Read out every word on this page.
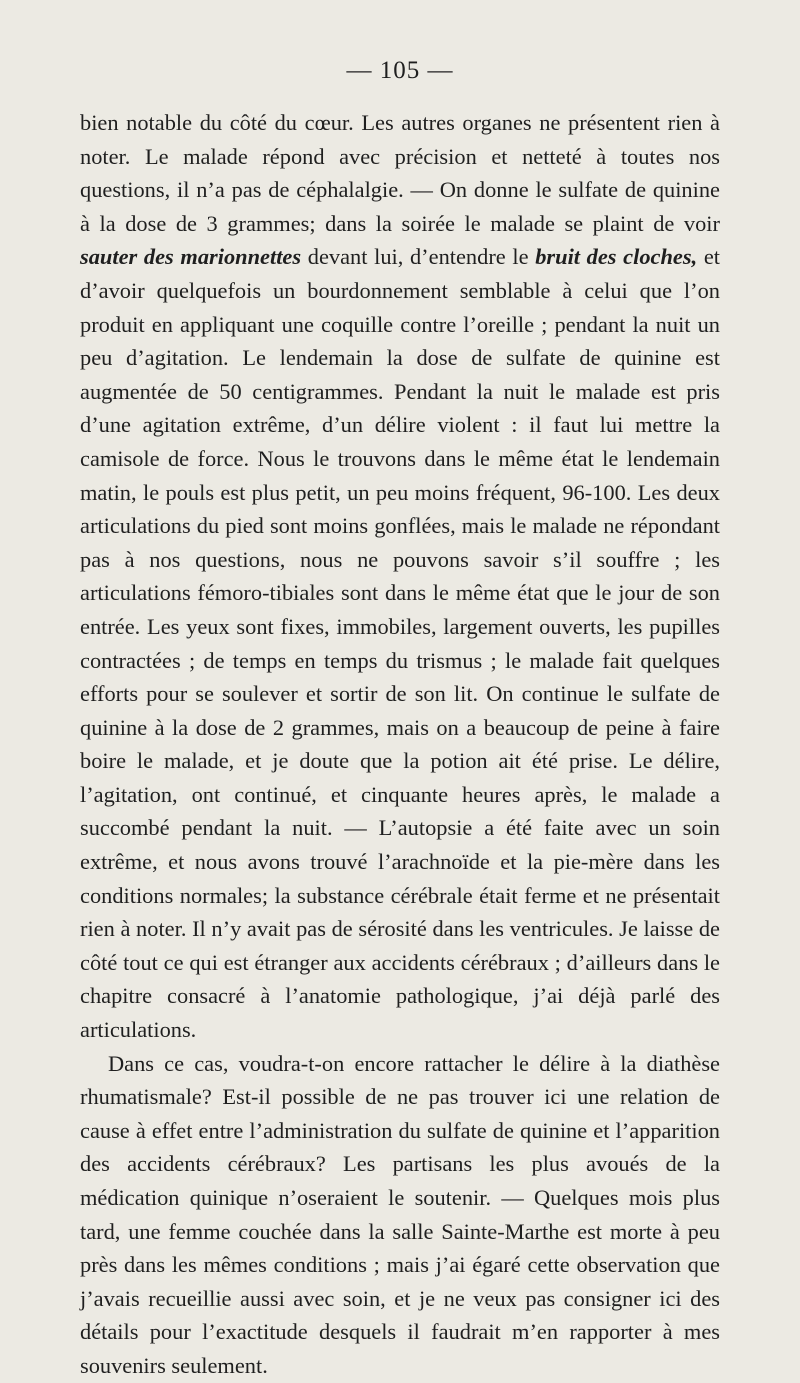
— 105 —

bien notable du côté du cœur. Les autres organes ne présentent rien à noter. Le malade répond avec précision et netteté à toutes nos questions, il n’a pas de céphalalgie. — On donne le sulfate de quinine à la dose de 3 grammes; dans la soirée le malade se plaint de voir sauter des marionnettes devant lui, d’entendre le bruit des cloches, et d’avoir quelquefois un bourdonnement semblable à celui que l’on produit en appliquant une coquille contre l’oreille ; pendant la nuit un peu d’agitation. Le lendemain la dose de sulfate de quinine est augmentée de 50 centigrammes. Pendant la nuit le malade est pris d’une agitation extrême, d’un délire violent : il faut lui mettre la camisole de force. Nous le trouvons dans le même état le lendemain matin, le pouls est plus petit, un peu moins fréquent, 96-100. Les deux articulations du pied sont moins gonflées, mais le malade ne répondant pas à nos questions, nous ne pouvons savoir s’il souffre ; les articulations fémoro-tibiales sont dans le même état que le jour de son entrée. Les yeux sont fixes, immobiles, largement ouverts, les pupilles contractées ; de temps en temps du trismus ; le malade fait quelques efforts pour se soulever et sortir de son lit. On continue le sulfate de quinine à la dose de 2 grammes, mais on a beaucoup de peine à faire boire le malade, et je doute que la potion ait été prise. Le délire, l’agitation, ont continué, et cinquante heures après, le malade a succombé pendant la nuit. — L’autopsie a été faite avec un soin extrême, et nous avons trouvé l’arachnoïde et la pie-mère dans les conditions normales; la substance cérébrale était ferme et ne présentait rien à noter. Il n’y avait pas de sérosité dans les ventricules. Je laisse de côté tout ce qui est étranger aux accidents cérébraux ; d’ailleurs dans le chapitre consacré à l’anatomie pathologique, j’ai déjà parlé des articulations.

Dans ce cas, voudra-t-on encore rattacher le délire à la diathèse rhumatismale? Est-il possible de ne pas trouver ici une relation de cause à effet entre l’administration du sulfate de quinine et l’apparition des accidents cérébraux? Les partisans les plus avoués de la médication quinique n’oseraient le soutenir. — Quelques mois plus tard, une femme couchée dans la salle Sainte-Marthe est morte à peu près dans les mêmes conditions ; mais j’ai égaré cette observation que j’avais recueillie aussi avec soin, et je ne veux pas consigner ici des détails pour l’exactitude desquels il faudrait m’en rapporter à mes souvenirs seulement.
